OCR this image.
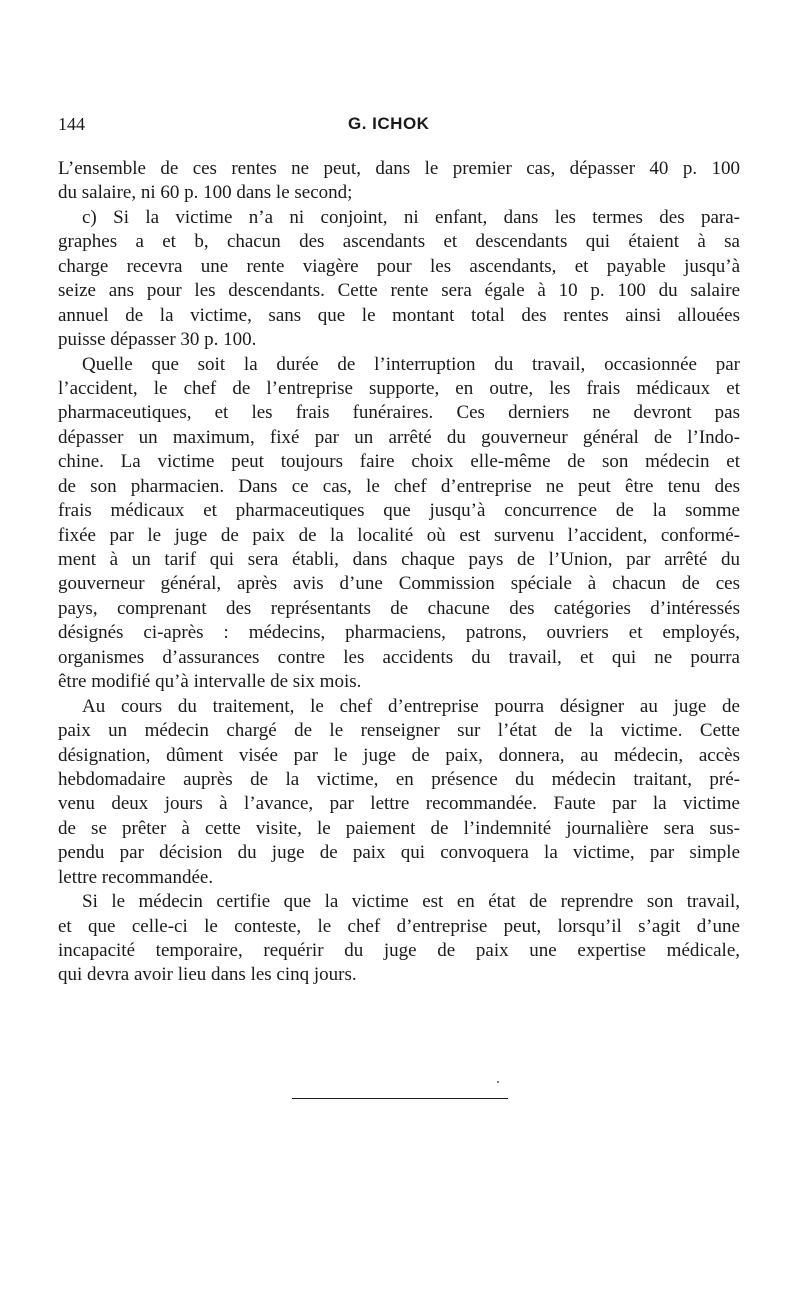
144	G. ICHOK
L’ensemble de ces rentes ne peut, dans le premier cas, dépasser 40 p. 100
du salaire, ni 60 p. 100 dans le second;
c) Si la victime n’a ni conjoint, ni enfant, dans les termes des para-
graphes a et b, chacun des ascendants et descendants qui étaient à sa
charge recevra une rente viagère pour les ascendants, et payable jusqu’à
seize ans pour les descendants. Cette rente sera égale à 10 p. 100 du salaire
annuel de la victime, sans que le montant total des rentes ainsi allouées
puisse dépasser 30 p. 100.
Quelle que soit la durée de l’interruption du travail, occasionnée par
l’accident, le chef de l’entreprise supporte, en outre, les frais médicaux et
pharmaceutiques, et les frais funéraires. Ces derniers ne devront pas
dépasser un maximum, fixé par un arrêté du gouverneur général de l’Indo-
chine. La victime peut toujours faire choix elle-même de son médecin et
de son pharmacien. Dans ce cas, le chef d’entreprise ne peut être tenu des
frais médicaux et pharmaceutiques que jusqu’à concurrence de la somme
fixée par le juge de paix de la localité où est survenu l’accident, conformé-
ment à un tarif qui sera établi, dans chaque pays de l’Union, par arrêté du
gouverneur général, après avis d’une Commission spéciale à chacun de ces
pays, comprenant des représentants de chacune des catégories d’intéressés
désignés ci-après : médecins, pharmaciens, patrons, ouvriers et employés,
organismes d’assurances contre les accidents du travail, et qui ne pourra
être modifié qu’à intervalle de six mois.
Au cours du traitement, le chef d’entreprise pourra désigner au juge de
paix un médecin chargé de le renseigner sur l’état de la victime. Cette
désignation, dûment visée par le juge de paix, donnera, au médecin, accès
hebdomadaire auprès de la victime, en présence du médecin traitant, pré-
venu deux jours à l’avance, par lettre recommandée. Faute par la victime
de se prêter à cette visite, le paiement de l’indemnité journalière sera sus-
pendu par décision du juge de paix qui convoquera la victime, par simple
lettre recommandée.
Si le médecin certifie que la victime est en état de reprendre son travail,
et que celle-ci le conteste, le chef d’entreprise peut, lorsqu’il s’agit d’une
incapacité temporaire, requérir du juge de paix une expertise médicale,
qui devra avoir lieu dans les cinq jours.
